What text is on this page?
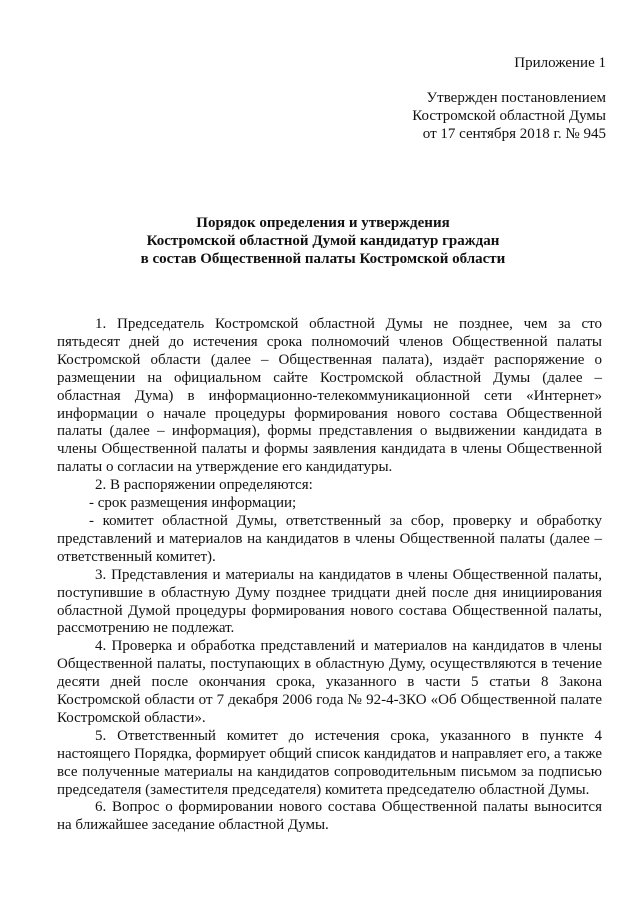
Приложение 1
Утвержден постановлением
Костромской областной Думы
от 17 сентября 2018 г. № 945
Порядок определения и утверждения
Костромской областной Думой кандидатур граждан
в состав Общественной палаты Костромской области

1. Председатель Костромской областной Думы не позднее, чем за сто пятьдесят дней до истечения срока полномочий членов Общественной палаты Костромской области (далее – Общественная палата), издаёт распоряжение о размещении на официальном сайте Костромской областной Думы (далее – областная Дума) в информационно-телекоммуникационной сети «Интернет» информации о начале процедуры формирования нового состава Общественной палаты (далее – информация), формы представления о выдвижении кандидата в члены Общественной палаты и формы заявления кандидата в члены Общественной палаты о согласии на утверждение его кандидатуры.

2. В распоряжении определяются:

- срок размещения информации;

- комитет областной Думы, ответственный за сбор, проверку и обработку представлений и материалов на кандидатов в члены Общественной палаты (далее – ответственный комитет).

3. Представления и материалы на кандидатов в члены Общественной палаты, поступившие в областную Думу позднее тридцати дней после дня инициирования областной Думой процедуры формирования нового состава Общественной палаты, рассмотрению не подлежат.

4. Проверка и обработка представлений и материалов на кандидатов в члены Общественной палаты, поступающих в областную Думу, осуществляются в течение десяти дней после окончания срока, указанного в части 5 статьи 8 Закона Костромской области от 7 декабря 2006 года № 92-4-ЗКО «Об Общественной палате Костромской области».

5. Ответственный комитет до истечения срока, указанного в пункте 4 настоящего Порядка, формирует общий список кандидатов и направляет его, а также все полученные материалы на кандидатов сопроводительным письмом за подписью председателя (заместителя председателя) комитета председателю областной Думы.

6. Вопрос о формировании нового состава Общественной палаты выносится на ближайшее заседание областной Думы.
